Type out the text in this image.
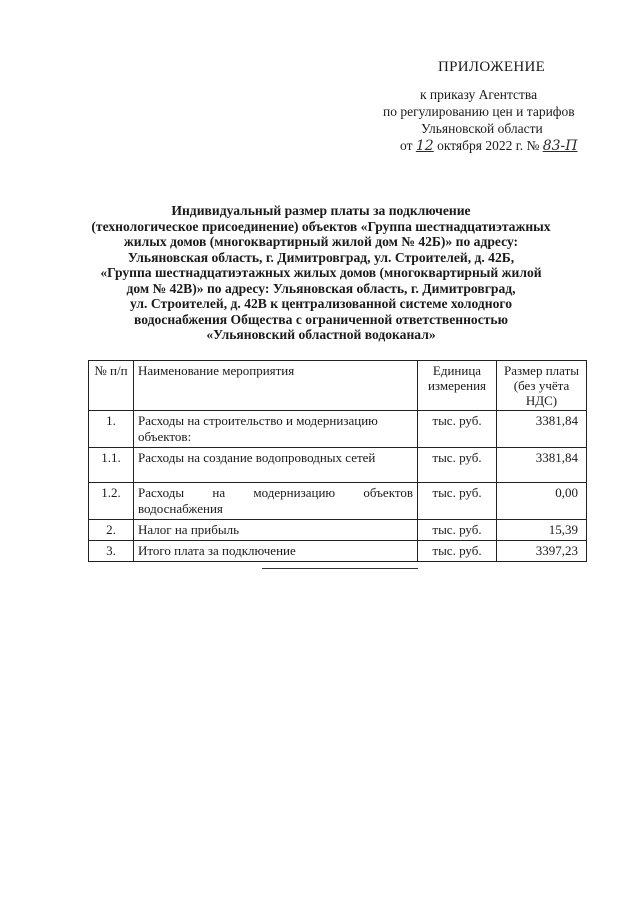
ПРИЛОЖЕНИЕ
к приказу Агентства
по регулированию цен и тарифов
Ульяновской области
от 12 октября 2022 г. № 83-П
Индивидуальный размер платы за подключение
(технологическое присоединение) объектов «Группа шестнадцатиэтажных
жилых домов (многоквартирный жилой дом № 42Б)» по адресу:
Ульяновская область, г. Димитровград, ул. Строителей, д. 42Б,
«Группа шестнадцатиэтажных жилых домов (многоквартирный жилой
дом № 42В)» по адресу: Ульяновская область, г. Димитровград,
ул. Строителей, д. 42В к централизованной системе холодного
водоснабжения Общества с ограниченной ответственностью
«Ульяновский областной водоканал»
№ п/п	Наименование мероприятия	Единица измерения	Размер платы (без учёта НДС)
1.	Расходы на строительство и модернизацию объектов:	тыс. руб.	3381,84
1.1.	Расходы на создание водопроводных сетей	тыс. руб.	3381,84
1.2.	Расходы на модернизацию объектов водоснабжения	тыс. руб.	0,00
2.	Налог на прибыль	тыс. руб.	15,39
3.	Итого плата за подключение	тыс. руб.	3397,23
